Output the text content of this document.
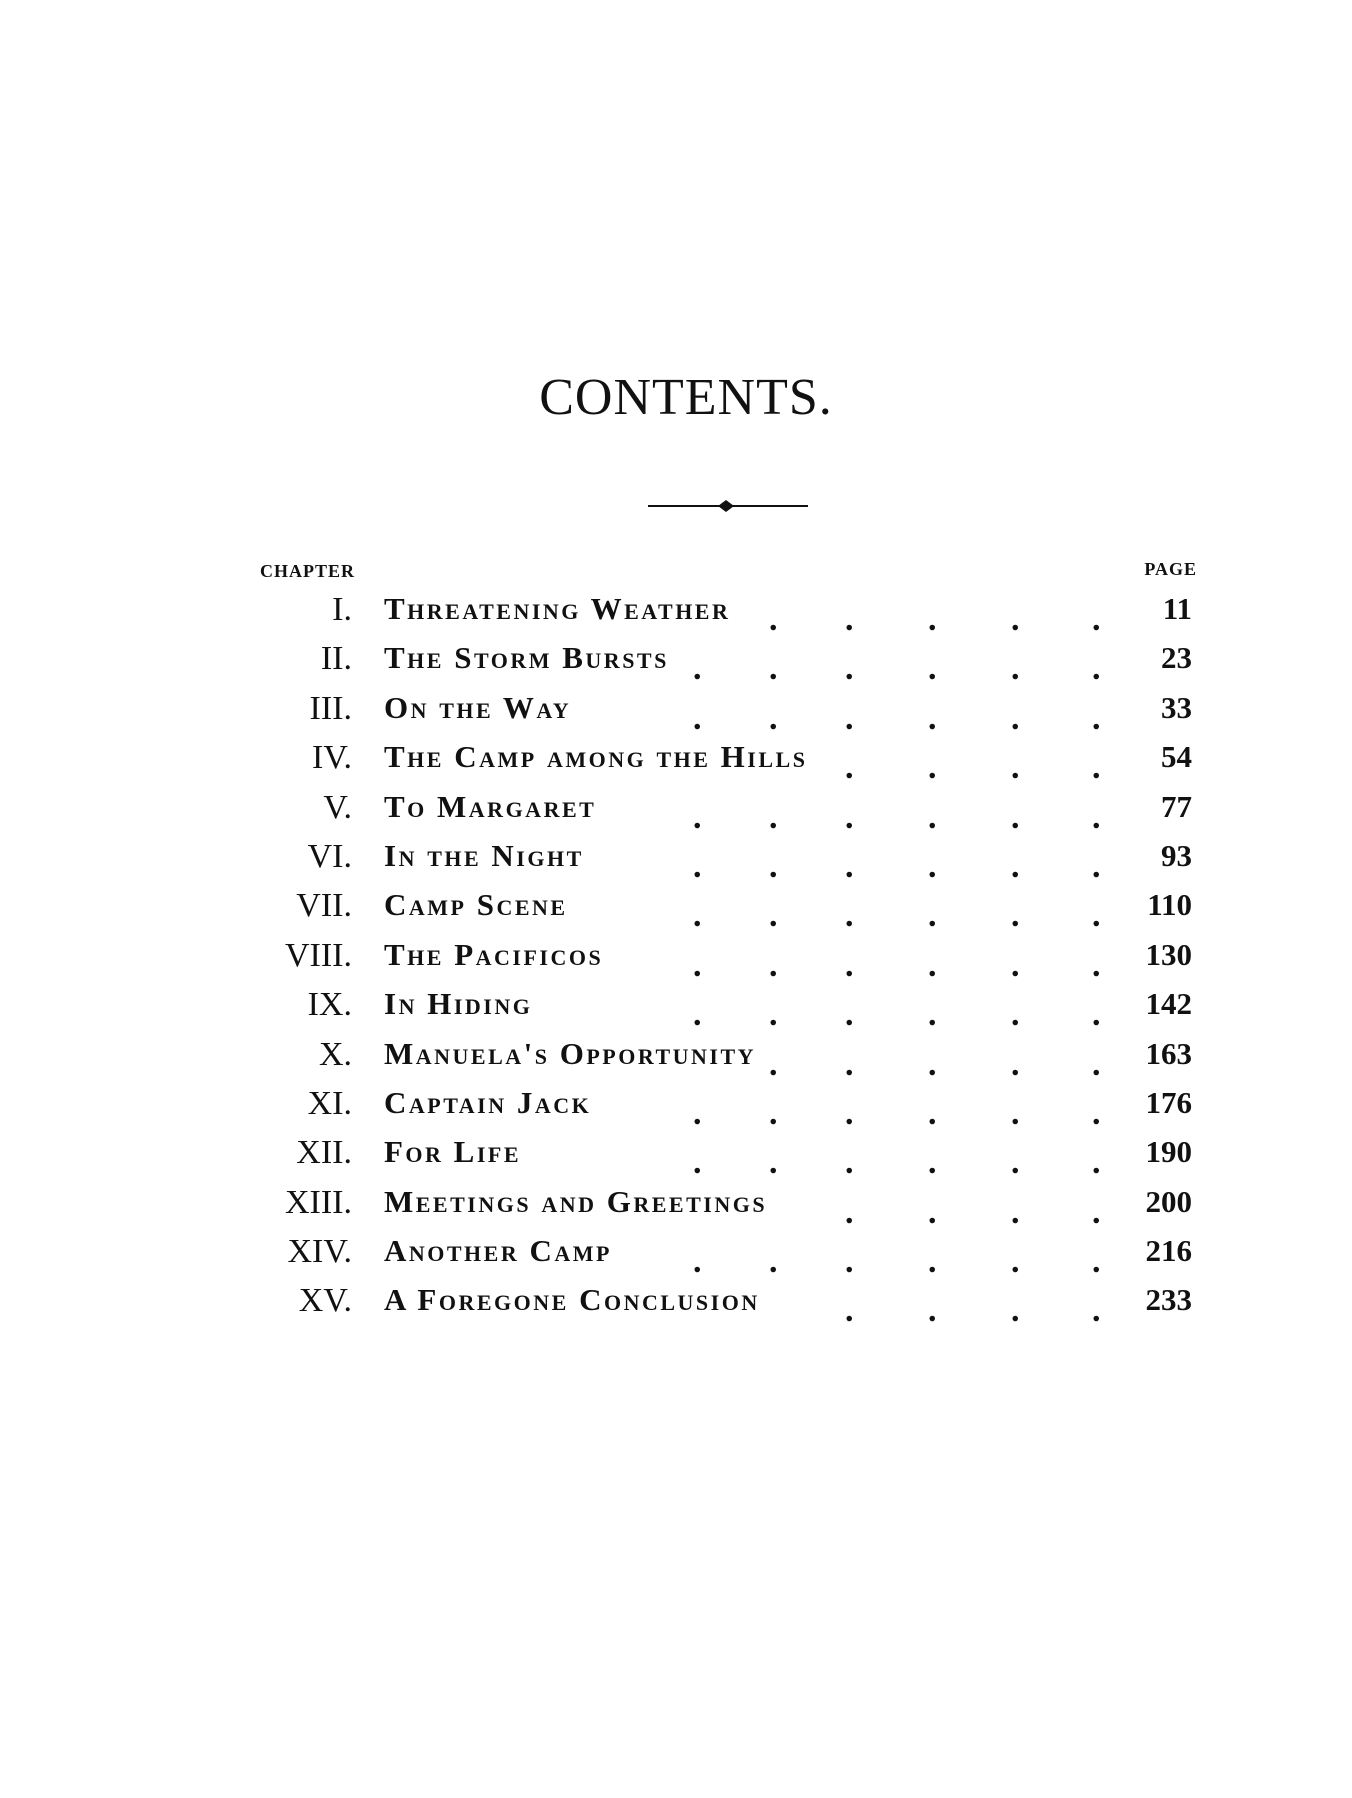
CONTENTS.
CHAPTER	PAGE
I. Threatening Weather . . . . . 11
II. The Storm Bursts . . . . . . 23
III. On the Way	. . . . . . 33
IV. The Camp among the Hills . . . . 54
V. To Margaret	. . . . . . 77
VI. In the Night	. . . . . . 93
VII. Camp Scene	. . . . . . 110
VIII. The Pacificos	. . . . . . 130
IX. In Hiding	. . . . . . 142
X. Manuela's Opportunity . . . . . 163
XI. Captain Jack	. . . . . . 176
XII. For Life	. . . . . . 190
XIII. Meetings and Greetings . . . . 200
XIV. Another Camp . . . . . . 216
XV. A Foregone Conclusion	. . . . 233
